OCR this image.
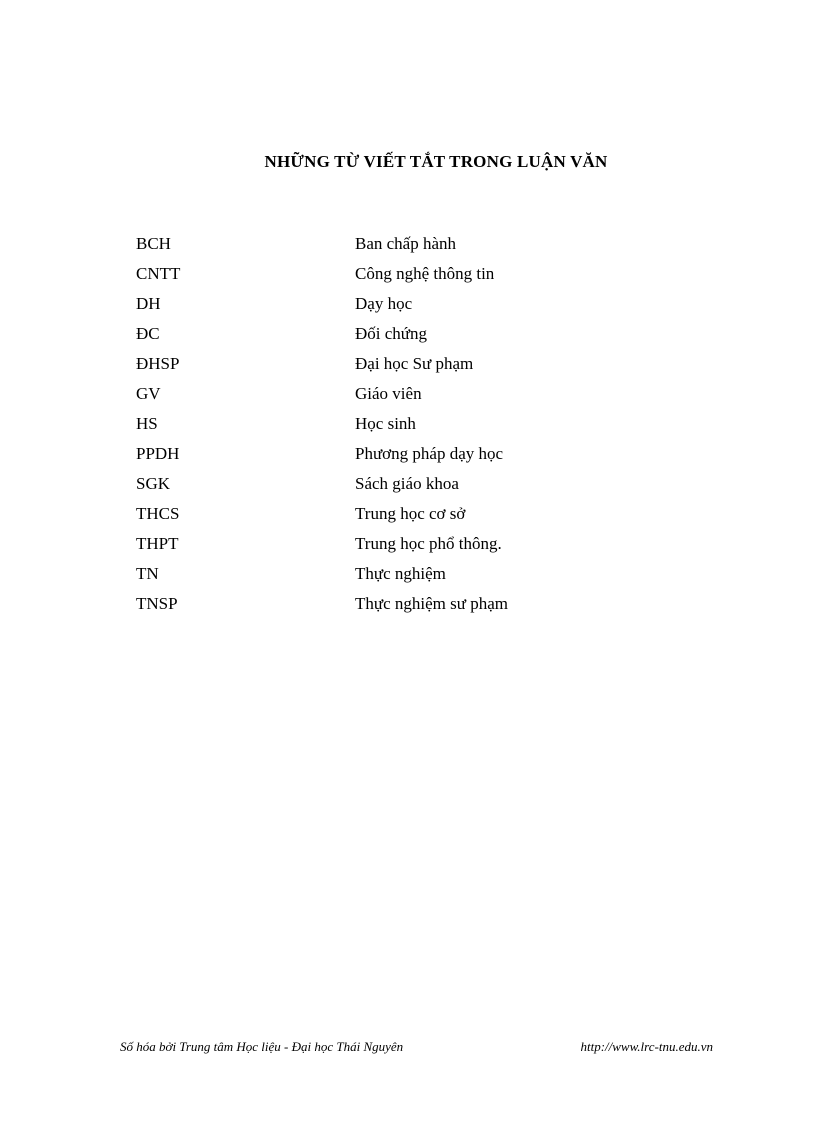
NHỮNG TỪ VIẾT TẮT TRONG LUẬN VĂN
BCH	Ban chấp hành
CNTT	Công nghệ thông tin
DH	Dạy học
ĐC	Đối chứng
ĐHSP	Đại học Sư phạm
GV	Giáo viên
HS	Học sinh
PPDH	Phương pháp dạy học
SGK	Sách giáo khoa
THCS	Trung học cơ sở
THPT	Trung học phổ thông.
TN	Thực nghiệm
TNSP	Thực nghiệm sư phạm
Số hóa bởi Trung tâm Học liệu - Đại học Thái Nguyên	http://www.lrc-tnu.edu.vn
